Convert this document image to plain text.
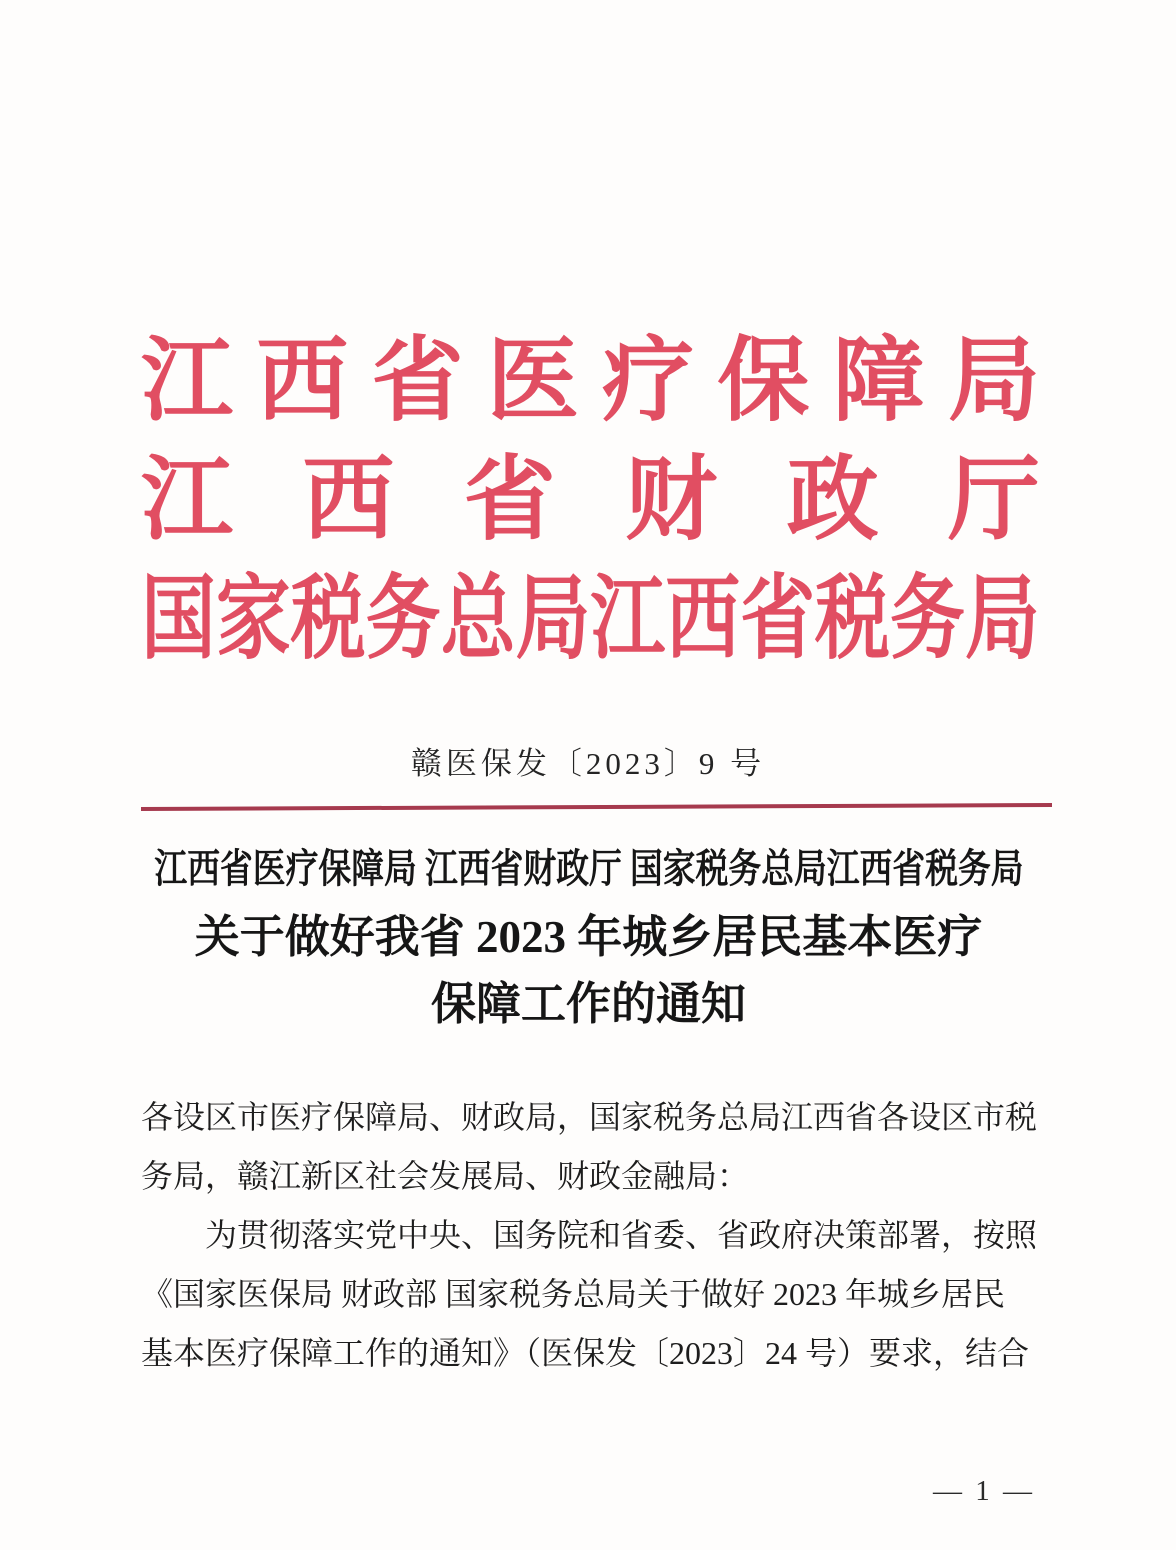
江 西 省 医 疗 保 障 局
江 西 省 财 政 厅
国 家 税 务 总 局 江 西 省 税 务 局
赣医保发〔2023〕9 号
江西省医疗保障局 江西省财政厅 国家税务总局江西省税务局
关于做好我省 2023 年城乡居民基本医疗
保障工作的通知
各设区市医疗保障局、财政局，国家税务总局江西省各设区市税
务局，赣江新区社会发展局、财政金融局：
为贯彻落实党中央、国务院和省委、省政府决策部署，按照
《国家医保局 财政部 国家税务总局关于做好 2023 年城乡居民
基本医疗保障工作的通知》（医保发〔2023〕24 号）要求，结合
— 1 —
